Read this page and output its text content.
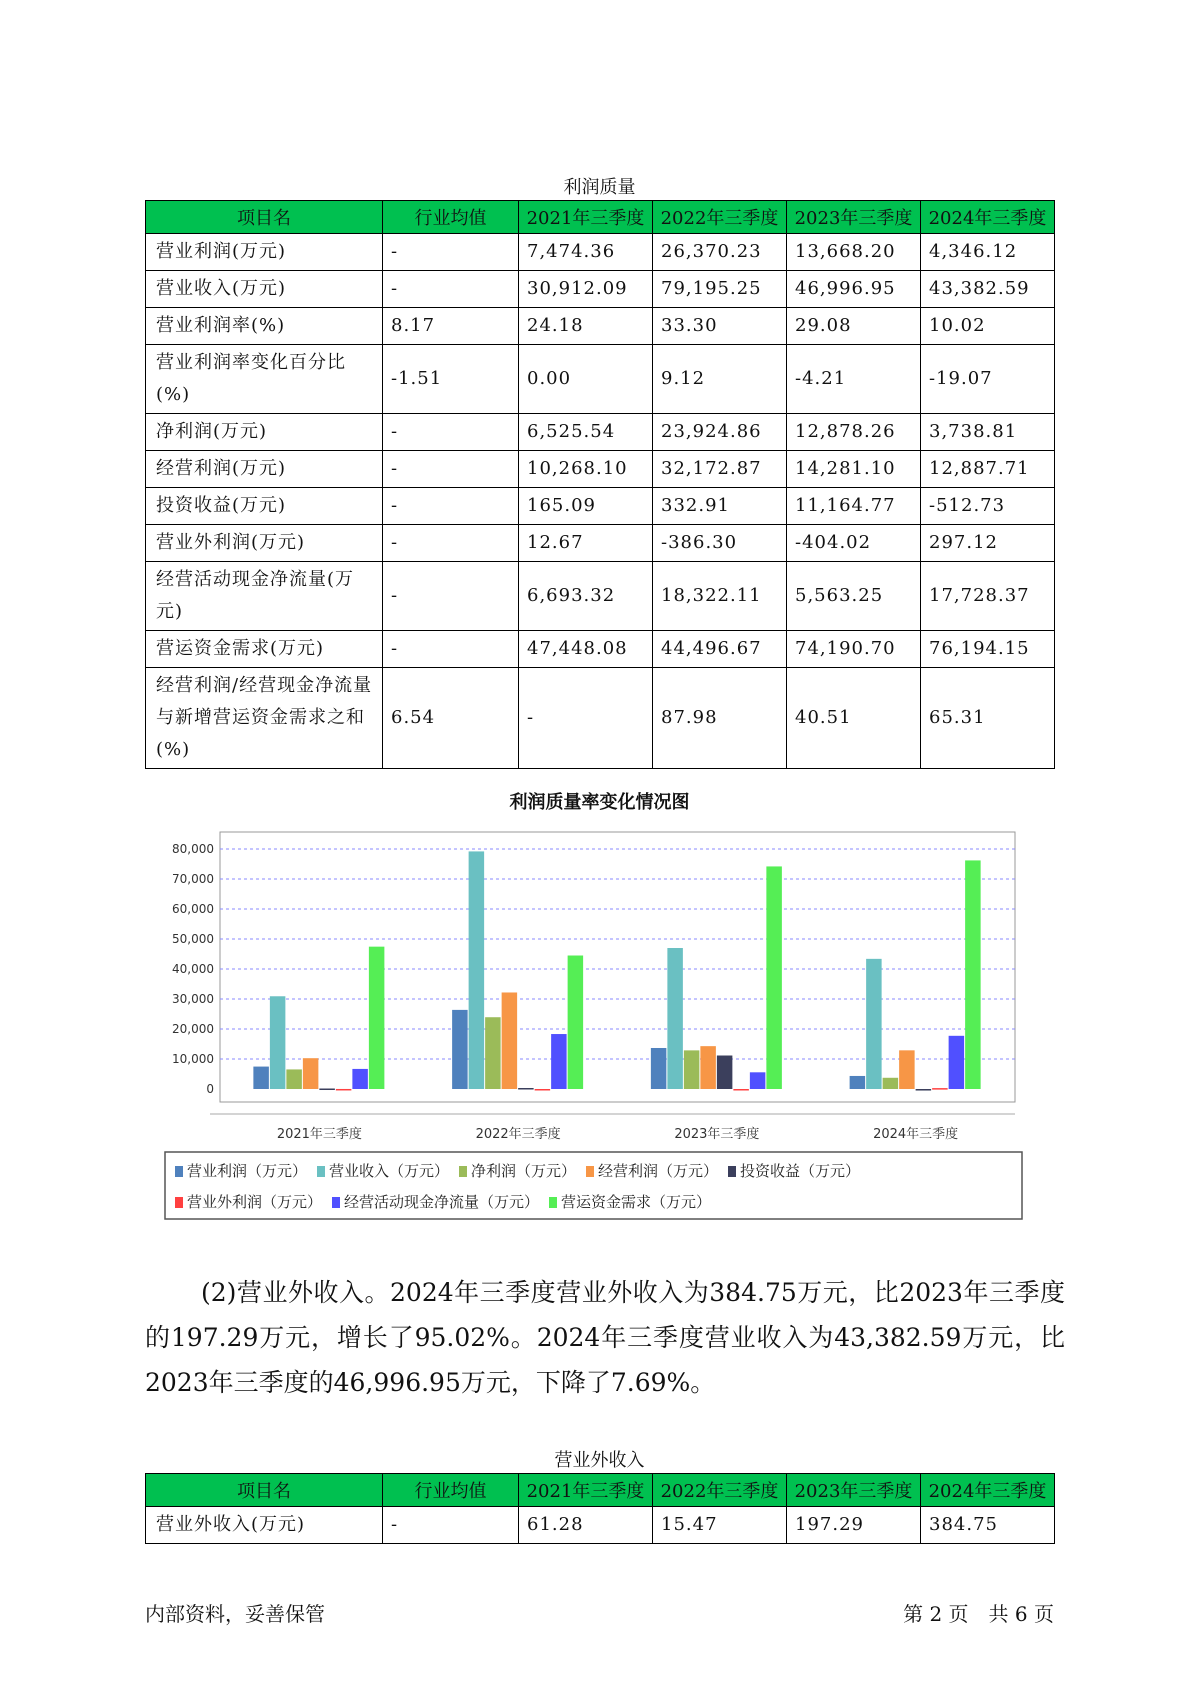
利润质量
项目名	行业均值	2021年三季度	2022年三季度	2023年三季度	2024年三季度
营业利润(万元)	-	7,474.36	26,370.23	13,668.20	4,346.12
营业收入(万元)	-	30,912.09	79,195.25	46,996.95	43,382.59
营业利润率(%)	8.17	24.18	33.30	29.08	10.02
营业利润率变化百分比(%)	-1.51	0.00	9.12	-4.21	-19.07
净利润(万元)	-	6,525.54	23,924.86	12,878.26	3,738.81
经营利润(万元)	-	10,268.10	32,172.87	14,281.10	12,887.71
投资收益(万元)	-	165.09	332.91	11,164.77	-512.73
营业外利润(万元)	-	12.67	-386.30	-404.02	297.12
经营活动现金净流量(万元)	-	6,693.32	18,322.11	5,563.25	17,728.37
营运资金需求(万元)	-	47,448.08	44,496.67	74,190.70	76,194.15
经营利润/经营现金净流量与新增营运资金需求之和(%)	6.54	-	87.98	40.51	65.31
利润质量率变化情况图
0
10,000
20,000
30,000
40,000
50,000
60,000
70,000
80,000
2021年三季度	2022年三季度	2023年三季度	2024年三季度
营业利润（万元） 营业收入（万元） 净利润（万元） 经营利润（万元） 投资收益（万元）
营业外利润（万元） 经营活动现金净流量（万元） 营运资金需求（万元）
(2)营业外收入。2024年三季度营业外收入为384.75万元，比2023年三季度的197.29万元，增长了95.02%。2024年三季度营业收入为43,382.59万元，比2023年三季度的46,996.95万元，下降了7.69%。
营业外收入
项目名	行业均值	2021年三季度	2022年三季度	2023年三季度	2024年三季度
营业外收入(万元)	-	61.28	15.47	197.29	384.75
内部资料，妥善保管	第 2 页　共 6 页
